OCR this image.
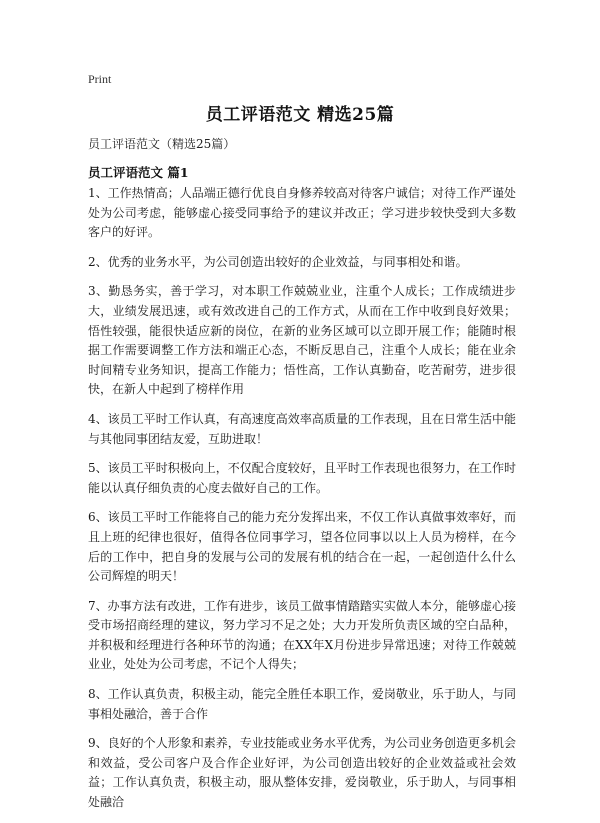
Print
员工评语范文 精选25篇
员工评语范文（精选25篇）
员工评语范文 篇1

1、工作热情高；人品端正德行优良自身修养较高对待客户诚信；对待工作严谨处处为公司考虑，能够虚心接受同事给予的建议并改正；学习进步较快受到大多数客户的好评。

2、优秀的业务水平，为公司创造出较好的企业效益，与同事相处和谐。

3、勤恳务实，善于学习，对本职工作兢兢业业，注重个人成长；工作成绩进步大，业绩发展迅速，或有效改进自己的工作方式，从而在工作中收到良好效果；悟性较强，能很快适应新的岗位，在新的业务区域可以立即开展工作；能随时根据工作需要调整工作方法和端正心态，不断反思自己，注重个人成长；能在业余时间精专业务知识，提高工作能力；悟性高，工作认真勤奋，吃苦耐劳，进步很快，在新人中起到了榜样作用

4、该员工平时工作认真，有高速度高效率高质量的工作表现，且在日常生活中能与其他同事团结友爱，互助进取！

5、该员工平时积极向上，不仅配合度较好，且平时工作表现也很努力，在工作时能以认真仔细负责的心度去做好自己的工作。

6、该员工平时工作能将自己的能力充分发挥出来，不仅工作认真做事效率好，而且上班的纪律也很好，值得各位同事学习，望各位同事以以上人员为榜样，在今后的工作中，把自身的发展与公司的发展有机的结合在一起，一起创造什么什么公司辉煌的明天！

7、办事方法有改进，工作有进步，该员工做事情踏踏实实做人本分，能够虚心接受市场招商经理的建议，努力学习不足之处；大力开发所负责区域的空白品种，并积极和经理进行各种环节的沟通；在XX年X月份进步异常迅速；对待工作兢兢业业，处处为公司考虑，不记个人得失；

8、工作认真负责，积极主动，能完全胜任本职工作，爱岗敬业，乐于助人，与同事相处融洽，善于合作

9、良好的个人形象和素养，专业技能或业务水平优秀，为公司业务创造更多机会和效益，受公司客户及合作企业好评，为公司创造出较好的企业效益或社会效益；工作认真负责，积极主动，服从整体安排，爱岗敬业，乐于助人，与同事相处融洽
